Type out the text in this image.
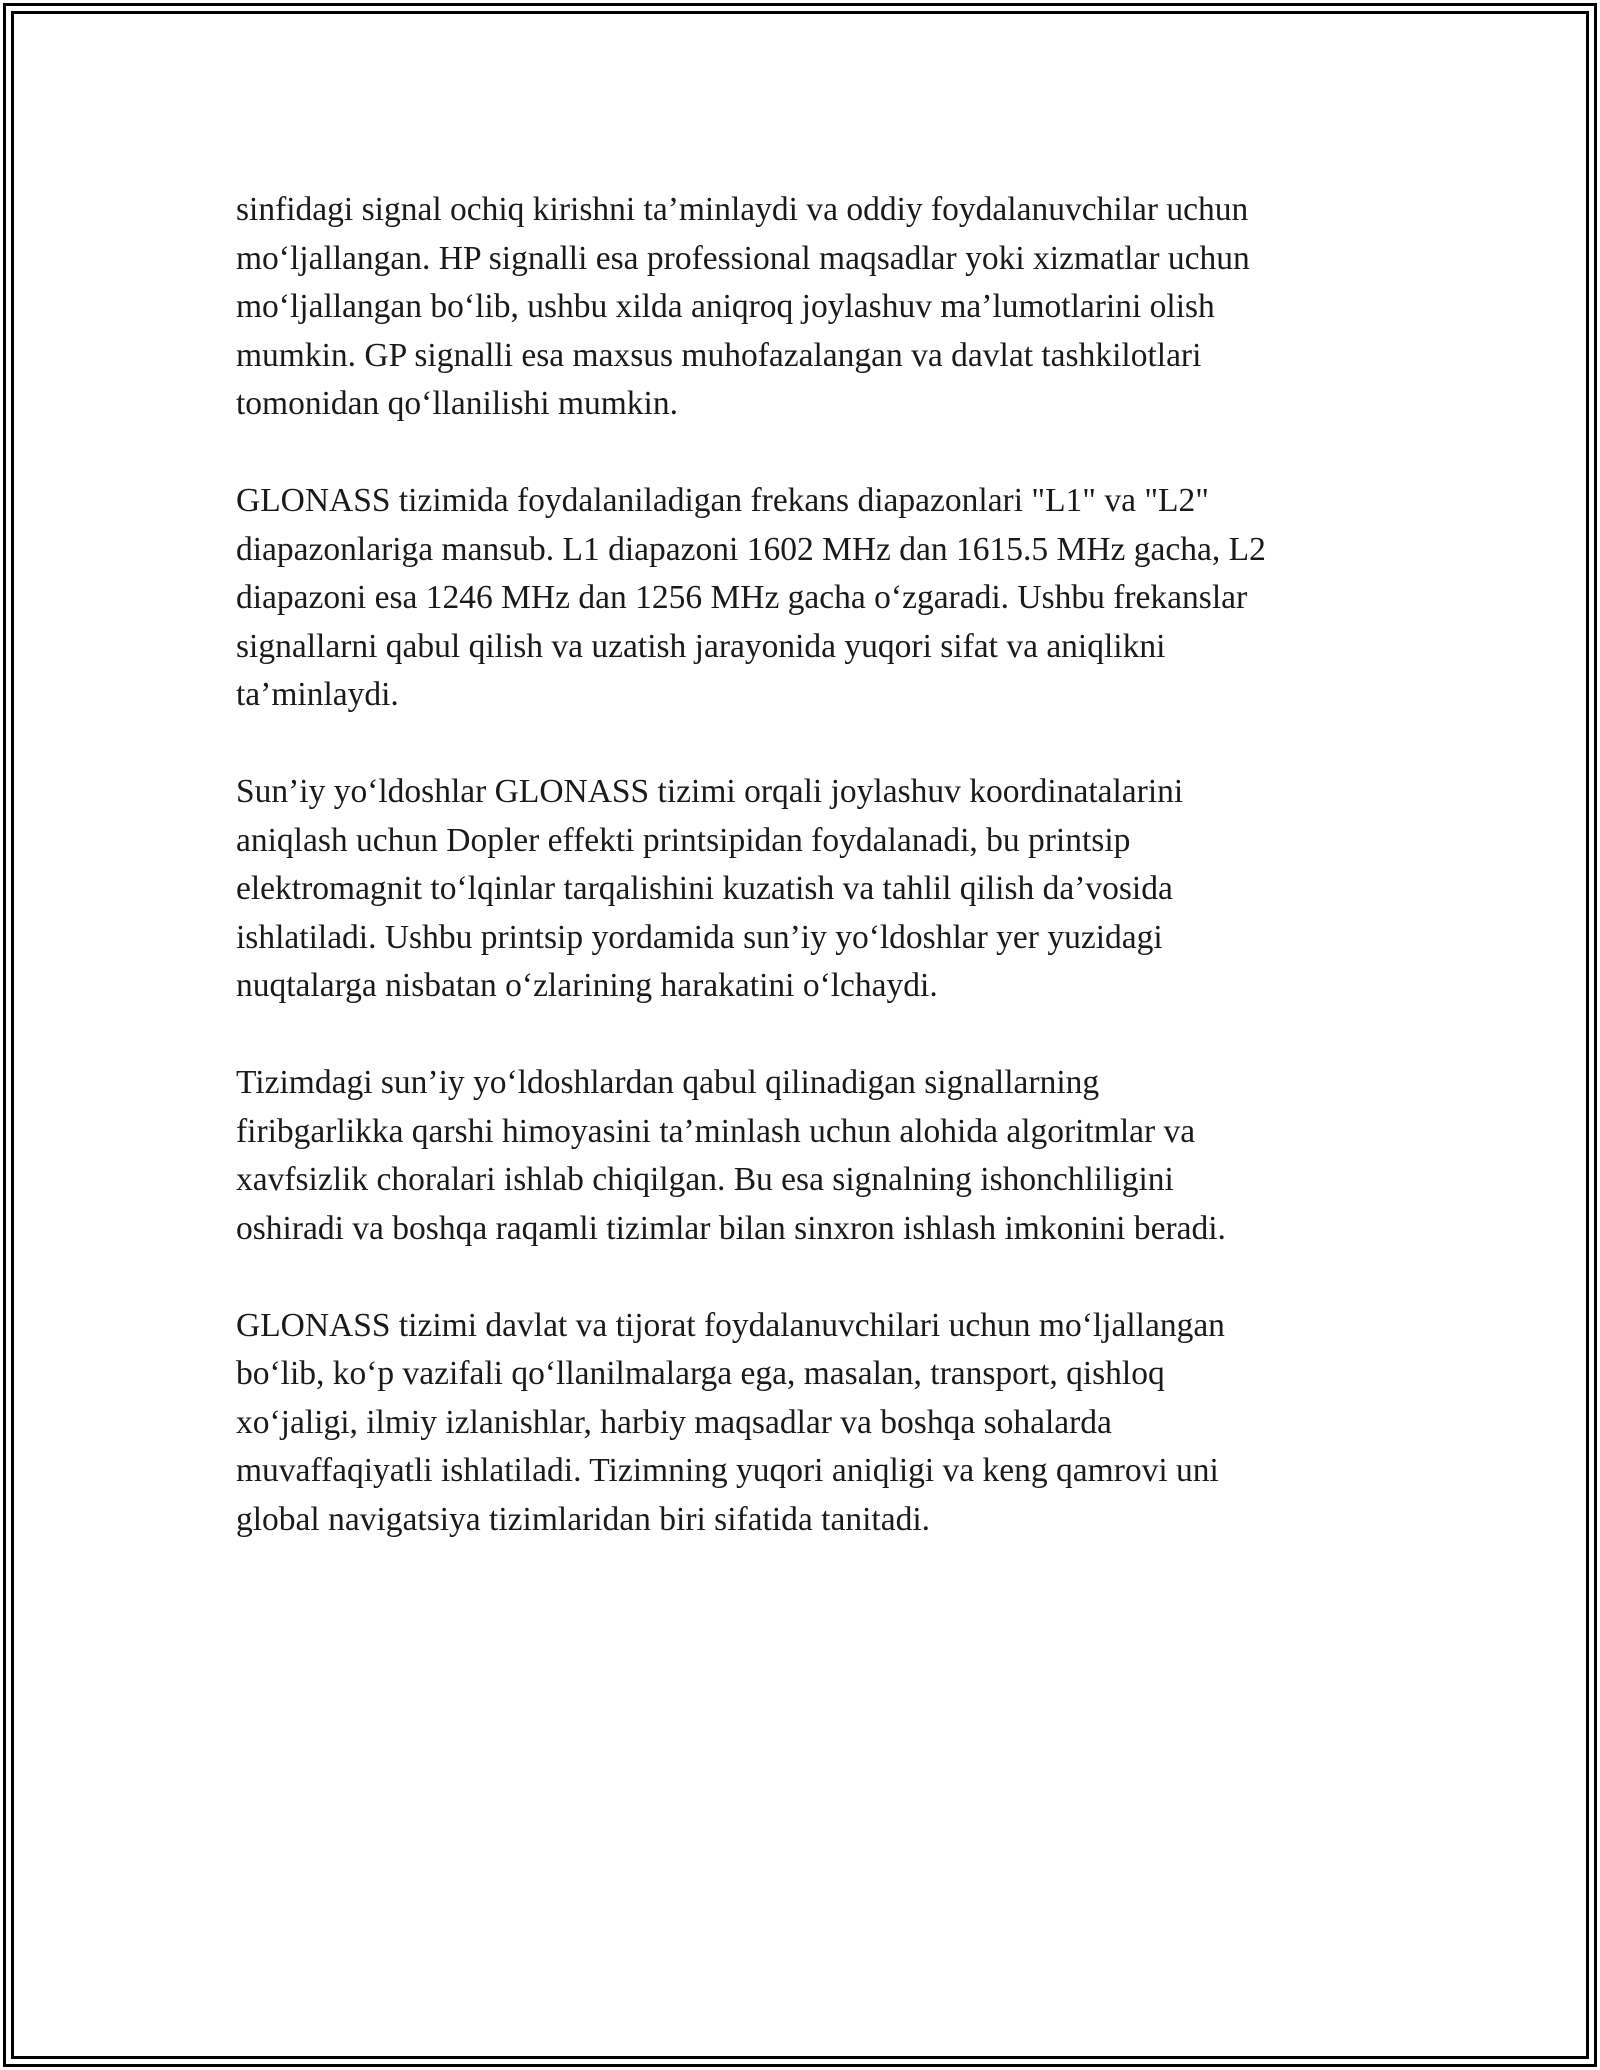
sinfidagi signal ochiq kirishni ta’minlaydi va oddiy foydalanuvchilar uchun
mo‘ljallangan. HP signalli esa professional maqsadlar yoki xizmatlar uchun
mo‘ljallangan bo‘lib, ushbu xilda aniqroq joylashuv ma’lumotlarini olish
mumkin. GP signalli esa maxsus muhofazalangan va davlat tashkilotlari
tomonidan qo‘llanilishi mumkin.

GLONASS tizimida foydalaniladigan frekans diapazonlari "L1" va "L2"
diapazonlariga mansub. L1 diapazoni 1602 MHz dan 1615.5 MHz gacha, L2
diapazoni esa 1246 MHz dan 1256 MHz gacha o‘zgaradi. Ushbu frekanslar
signallarni qabul qilish va uzatish jarayonida yuqori sifat va aniqlikni
ta’minlaydi.

Sun’iy yo‘ldoshlar GLONASS tizimi orqali joylashuv koordinatalarini
aniqlash uchun Dopler effekti printsipidan foydalanadi, bu printsip
elektromagnit to‘lqinlar tarqalishini kuzatish va tahlil qilish da’vosida
ishlatiladi. Ushbu printsip yordamida sun’iy yo‘ldoshlar yer yuzidagi
nuqtalarga nisbatan o‘zlarining harakatini o‘lchaydi.

Tizimdagi sun’iy yo‘ldoshlardan qabul qilinadigan signallarning
firibgarlikka qarshi himoyasini ta’minlash uchun alohida algoritmlar va
xavfsizlik choralari ishlab chiqilgan. Bu esa signalning ishonchliligini
oshiradi va boshqa raqamli tizimlar bilan sinxron ishlash imkonini beradi.

GLONASS tizimi davlat va tijorat foydalanuvchilari uchun mo‘ljallangan
bo‘lib, ko‘p vazifali qo‘llanilmalarga ega, masalan, transport, qishloq
xo‘jaligi, ilmiy izlanishlar, harbiy maqsadlar va boshqa sohalarda
muvaffaqiyatli ishlatiladi. Tizimning yuqori aniqligi va keng qamrovi uni
global navigatsiya tizimlaridan biri sifatida tanitadi.
